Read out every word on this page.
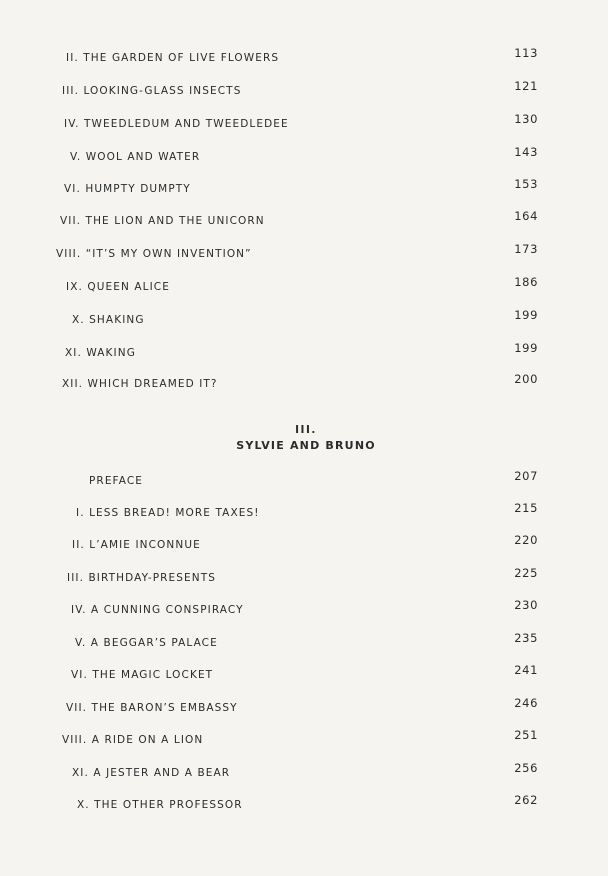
II. THE GARDEN OF LIVE FLOWERS	113
III. LOOKING-GLASS INSECTS	121
IV. TWEEDLEDUM AND TWEEDLEDEE	130
V. WOOL AND WATER	143
VI. HUMPTY DUMPTY	153
VII. THE LION AND THE UNICORN	164
VIII. “IT’S MY OWN INVENTION”	173
IX. QUEEN ALICE	186
X. SHAKING	199
XI. WAKING	199
XII. WHICH DREAMED IT?	200
III.
SYLVIE AND BRUNO
PREFACE	207
I. LESS BREAD! MORE TAXES!	215
II. L’AMIE INCONNUE	220
III. BIRTHDAY-PRESENTS	225
IV. A CUNNING CONSPIRACY	230
V. A BEGGAR’S PALACE	235
VI. THE MAGIC LOCKET	241
VII. THE BARON’S EMBASSY	246
VIII. A RIDE ON A LION	251
XI. A JESTER AND A BEAR	256
X. THE OTHER PROFESSOR	262
